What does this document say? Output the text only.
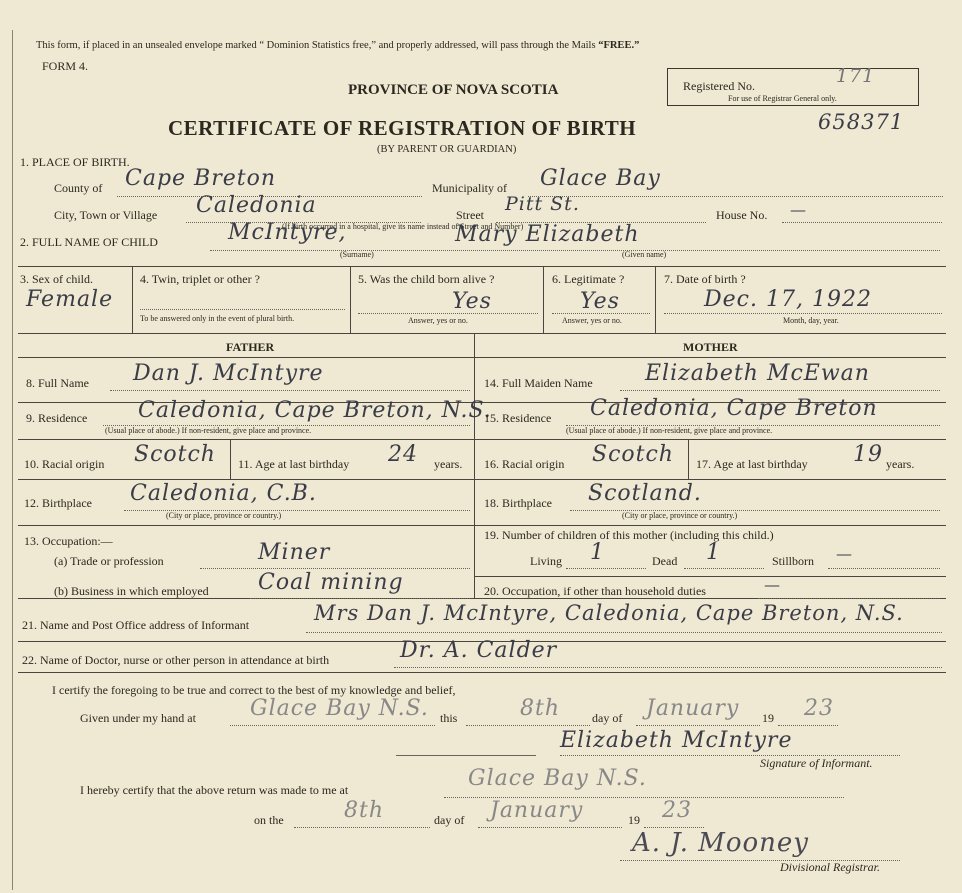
This form, if placed in an unsealed envelope marked “ Dominion Statistics free,” and properly addressed, will pass through the Mails “FREE.”
FORM 4.
PROVINCE OF NOVA SCOTIA	Registered No.	171
For use of Registrar General only.
CERTIFICATE OF REGISTRATION OF BIRTH	658371
(BY PARENT OR GUARDIAN)
1. PLACE OF BIRTH.
County of Cape Breton	Municipality of Glace Bay
City, Town or Village Caledonia	Street Pitt St.	House No. —
(If birth occurred in a hospital, give its name instead of Street and Number)
2. FULL NAME OF CHILD	McIntyre,	Mary Elizabeth
(Surname)	(Given name)
3. Sex of child.
Female
4. Twin, triplet or other ?
To be answered only in the event of plural birth.
5. Was the child born alive ?
Yes
Answer, yes or no.
6. Legitimate ?
Yes
Answer, yes or no.
7. Date of birth ?
Dec. 17, 1922
Month, day, year.
FATHER	MOTHER
8. Full Name Dan J. McIntyre	14. Full Maiden Name Elizabeth McEwan
9. Residence Caledonia, Cape Breton, N.S.
(Usual place of abode.) If non-resident, give place and province.
15. Residence Caledonia, Cape Breton
(Usual place of abode.) If non-resident, give place and province.
10. Racial origin Scotch 11. Age at last birthday 24 years. 16. Racial origin Scotch 17. Age at last birthday 19 years.
12. Birthplace Caledonia, C.B.
(City or place, province or country.)
18. Birthplace Scotland.
(City or place, province or country.)
13. Occupation:—
(a) Trade or profession	Miner
(b) Business in which employed Coal mining
19. Number of children of this mother (including this child.)
Living 1	Dead 1	Stillborn —
20. Occupation, if other than household duties	—
21. Name and Post Office address of Informant	Mrs Dan J. McIntyre, Caledonia, Cape Breton, N.S.
22. Name of Doctor, nurse or other person in attendance at birth	Dr. A. Calder
I certify the foregoing to be true and correct to the best of my knowledge and belief,
Given under my hand at Glace Bay N.S. this	8th	day of January 19 23
Elizabeth McIntyre
Signature of Informant.
I hereby certify that the above return was made to me at	Glace Bay N.S.
on the	8th	day of January	19 23
A. J. Mooney
Divisional Registrar.
